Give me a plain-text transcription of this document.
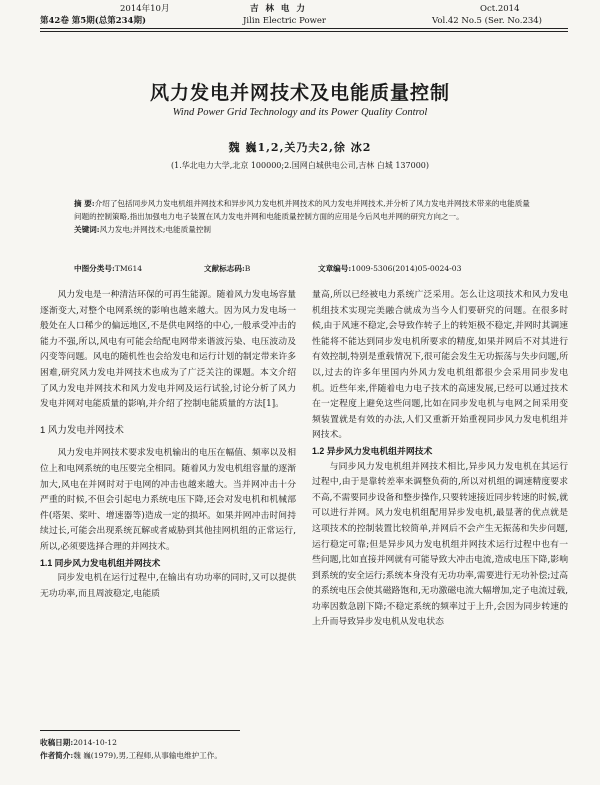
2014年10月	吉 林 电 力	Oct.2014
第42卷 第5期(总第234期)	Jilin Electric Power	Vol.42 No.5 (Ser. No.234)
风力发电并网技术及电能质量控制
Wind Power Grid Technology and its Power Quality Control
魏 巍1,2,关乃夫2,徐 冰2
(1.华北电力大学,北京 100000;2.国网白城供电公司,吉林 白城 137000)
摘 要:介绍了包括同步风力发电机组并网技术和异步风力发电机并网技术的风力发电并网技术,并分析了风力发电并网技术带来的电能质量问题的控制策略,指出加强电力电子装置在风力发电并网和电能质量控制方面的应用是今后风电并网的研究方向之一。
关键词:风力发电;并网技术;电能质量控制
中图分类号:TM614	文献标志码:B	文章编号:1009-5306(2014)05-0024-03

风力发电是一种清洁环保的可再生能源。随着风力发电场容量逐渐变大,对整个电网系统的影响也越来越大。因为风力发电场一般处在人口稀少的偏远地区,不是供电网络的中心,一般承受冲击的能力不强,所以,风电有可能会给配电网带来谐波污染、电压波动及闪变等问题。风电的随机性也会给发电和运行计划的制定带来许多困难,研究风力发电并网技术也成为了广泛关注的课题。本文介绍了风力发电并网技术和风力发电并网及运行试验,讨论分析了风力发电并网对电能质量的影响,并介绍了控制电能质量的方法[1]。

1 风力发电并网技术

风力发电并网技术要求发电机输出的电压在幅值、频率以及相位上和电网系统的电压要完全相同。随着风力发电机组容量的逐渐加大,风电在并网时对于电网的冲击也越来越大。当并网冲击十分严重的时候,不但会引起电力系统电压下降,还会对发电机和机械部件(塔架、桨叶、增速器等)造成一定的损坏。如果并网冲击时间持续过长,可能会出现系统瓦解或者威胁到其他挂网机组的正常运行,所以,必须要选择合理的并网技术。

1.1 同步风力发电机组并网技术

同步发电机在运行过程中,在输出有功功率的同时,又可以提供无功功率,而且周波稳定,电能质

量高,所以已经被电力系统广泛采用。怎么让这项技术和风力发电机组技术实现完美融合就成为当今人们要研究的问题。在很多时候,由于风速不稳定,会导致作转子上的转矩极不稳定,并网时其调速性能将不能达到同步发电机所要求的精度,如果并网后不对其进行有效控制,特别是重载情况下,很可能会发生无功振荡与失步问题,所以,过去的许多年里国内外风力发电机组都很少会采用同步发电机。近些年来,伴随着电力电子技术的高速发展,已经可以通过技术在一定程度上避免这些问题,比如在同步发电机与电网之间采用变频装置就是有效的办法,人们又重新开始重视同步风力发电机组并网技术。

1.2 异步风力发电机组并网技术

与同步风力发电机组并网技术相比,异步风力发电机在其运行过程中,由于是靠转差率来调整负荷的,所以对机组的调速精度要求不高,不需要同步设备和整步操作,只要转速接近同步转速的时候,就可以进行并网。风力发电机组配用异步发电机,最显著的优点就是这项技术的控制装置比较简单,并网后不会产生无振荡和失步问题,运行稳定可靠;但是异步风力发电机组并网技术运行过程中也有一些问题,比如直接并网就有可能导致大冲击电流,造成电压下降,影响到系统的安全运行;系统本身没有无功功率,需要进行无功补偿;过高的系统电压会使其磁路饱和,无功激磁电流大幅增加,定子电流过载,功率因数急剧下降;不稳定系统的频率过于上升,会因为同步转速的上升而导致异步发电机从发电状态

收稿日期:2014-10-12
作者简介:魏 巍(1979),男,工程师,从事输电维护工作。
